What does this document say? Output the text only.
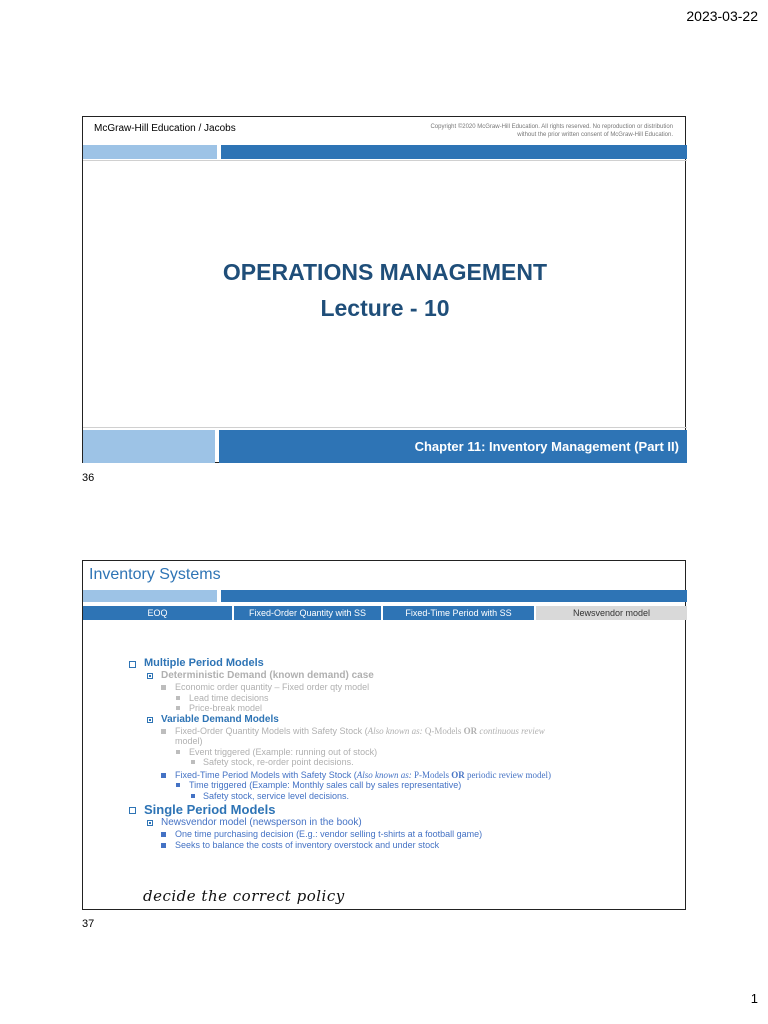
2023-03-22
McGraw-Hill Education / Jacobs	Copyright ©2020 McGraw-Hill Education. All rights reserved. No reproduction or distribution
without the prior written consent of McGraw-Hill Education.
OPERATIONS MANAGEMENT
Lecture - 10
Chapter 11: Inventory Management (Part II)
36
Inventory Systems
EOQ	Fixed-Order Quantity with SS	Fixed-Time Period with SS	Newsvendor model
Multiple Period Models
Deterministic Demand (known demand) case
Economic order quantity – Fixed order qty model
Lead time decisions
Price-break model
Variable Demand Models
Fixed-Order Quantity Models with Safety Stock (Also known as: Q-Models OR continuous review
model)
Event triggered (Example: running out of stock)
Safety stock, re-order point decisions.
Fixed-Time Period Models with Safety Stock (Also known as: P-Models OR periodic review model)
Time triggered (Example: Monthly sales call by sales representative)
Safety stock, service level decisions.
Single Period Models
Newsvendor model (newsperson in the book)
One time purchasing decision (E.g.: vendor selling t-shirts at a football game)
Seeks to balance the costs of inventory overstock and under stock
decide the correct policy
37
1
